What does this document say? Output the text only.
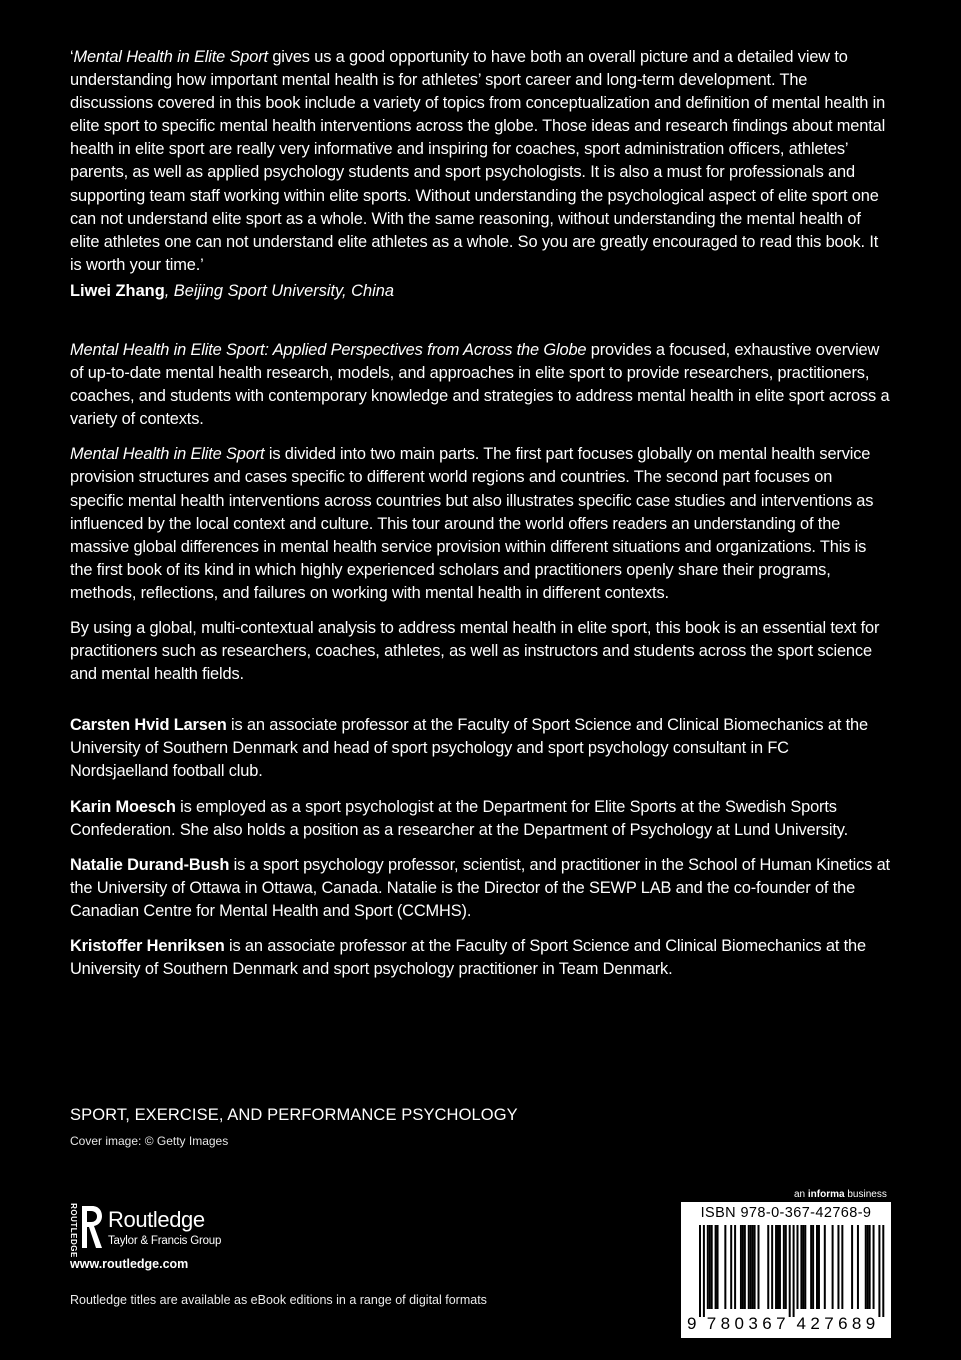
‘Mental Health in Elite Sport gives us a good opportunity to have both an overall picture and a detailed view to understanding how important mental health is for athletes’ sport career and long-term development. The discussions covered in this book include a variety of topics from conceptualization and definition of mental health in elite sport to specific mental health interventions across the globe. Those ideas and research findings about mental health in elite sport are really very informative and inspiring for coaches, sport administration officers, athletes’ parents, as well as applied psychology students and sport psychologists. It is also a must for professionals and supporting team staff working within elite sports. Without understanding the psychological aspect of elite sport one can not understand elite sport as a whole. With the same reasoning, without understanding the mental health of elite athletes one can not understand elite athletes as a whole. So you are greatly encouraged to read this book. It is worth your time.’

Liwei Zhang, Beijing Sport University, China

Mental Health in Elite Sport: Applied Perspectives from Across the Globe provides a focused, exhaustive overview of up-to-date mental health research, models, and approaches in elite sport to provide researchers, practitioners, coaches, and students with contemporary knowledge and strategies to address mental health in elite sport across a variety of contexts.

Mental Health in Elite Sport is divided into two main parts. The first part focuses globally on mental health service provision structures and cases specific to different world regions and countries. The second part focuses on specific mental health interventions across countries but also illustrates specific case studies and interventions as influenced by the local context and culture. This tour around the world offers readers an understanding of the massive global differences in mental health service provision within different situations and organizations. This is the first book of its kind in which highly experienced scholars and practitioners openly share their programs, methods, reflections, and failures on working with mental health in different contexts.

By using a global, multi-contextual analysis to address mental health in elite sport, this book is an essential text for practitioners such as researchers, coaches, athletes, as well as instructors and students across the sport science and mental health fields.

Carsten Hvid Larsen is an associate professor at the Faculty of Sport Science and Clinical Biomechanics at the University of Southern Denmark and head of sport psychology and sport psychology consultant in FC Nordsjaelland football club.

Karin Moesch is employed as a sport psychologist at the Department for Elite Sports at the Swedish Sports Confederation. She also holds a position as a researcher at the Department of Psychology at Lund University.

Natalie Durand-Bush is a sport psychology professor, scientist, and practitioner in the School of Human Kinetics at the University of Ottawa in Ottawa, Canada. Natalie is the Director of the SEWP LAB and the co-founder of the Canadian Centre for Mental Health and Sport (CCMHS).

Kristoffer Henriksen is an associate professor at the Faculty of Sport Science and Clinical Biomechanics at the University of Southern Denmark and sport psychology practitioner in Team Denmark.

SPORT, EXERCISE, AND PERFORMANCE PSYCHOLOGY
Cover image: © Getty Images
ROUTLEDGE Routledge
Taylor & Francis Group
www.routledge.com
Routledge titles are available as eBook editions in a range of digital formats
an informa business
ISBN 978-0-367-42768-9
9 780367 427689
